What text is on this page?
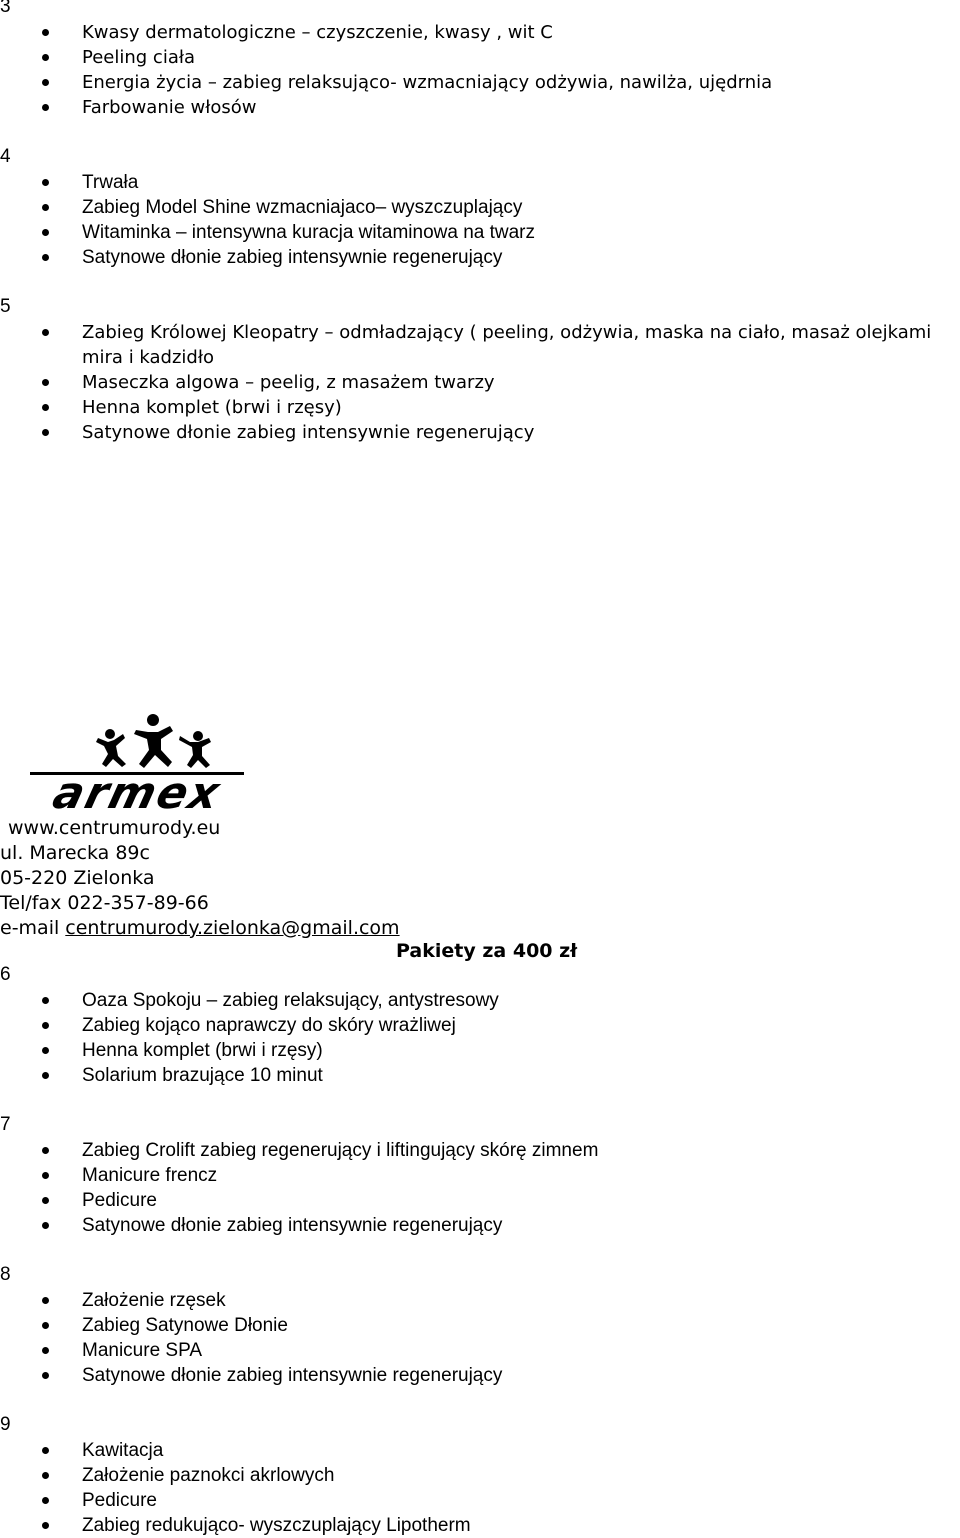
3
Kwasy dermatologiczne – czyszczenie, kwasy , wit C
Peeling ciała
Energia życia – zabieg relaksująco- wzmacniający odżywia, nawilża, ujędrnia
Farbowanie włosów
4
Trwała
Zabieg Model Shine wzmacniajaco– wyszczuplający
Witaminka – intensywna kuracja witaminowa na twarz
Satynowe dłonie zabieg intensywnie regenerujący
5
Zabieg Królowej Kleopatry – odmładzający ( peeling, odżywia, maska na ciało, masaż olejkami mira i kadzidło
Maseczka algowa – peelig, z masażem twarzy
Henna komplet (brwi i rzęsy)
Satynowe dłonie zabieg intensywnie regenerujący
armex
www.centrumurody.eu
ul. Marecka 89c
05-220 Zielonka
Tel/fax 022-357-89-66
e-mail centrumurody.zielonka@gmail.com
Pakiety za 400 zł
6
Oaza Spokoju – zabieg relaksujący, antystresowy
Zabieg kojąco naprawczy do skóry wrażliwej
Henna komplet (brwi i rzęsy)
Solarium brazujące 10 minut
7
Zabieg Crolift zabieg regenerujący i liftingujący skórę zimnem
Manicure frencz
Pedicure
Satynowe dłonie zabieg intensywnie regenerujący
8
Założenie rzęsek
Zabieg Satynowe Dłonie
Manicure SPA
Satynowe dłonie zabieg intensywnie regenerujący
9
Kawitacja
Założenie paznokci akrlowych
Pedicure
Zabieg redukująco- wyszczuplający Lipotherm
